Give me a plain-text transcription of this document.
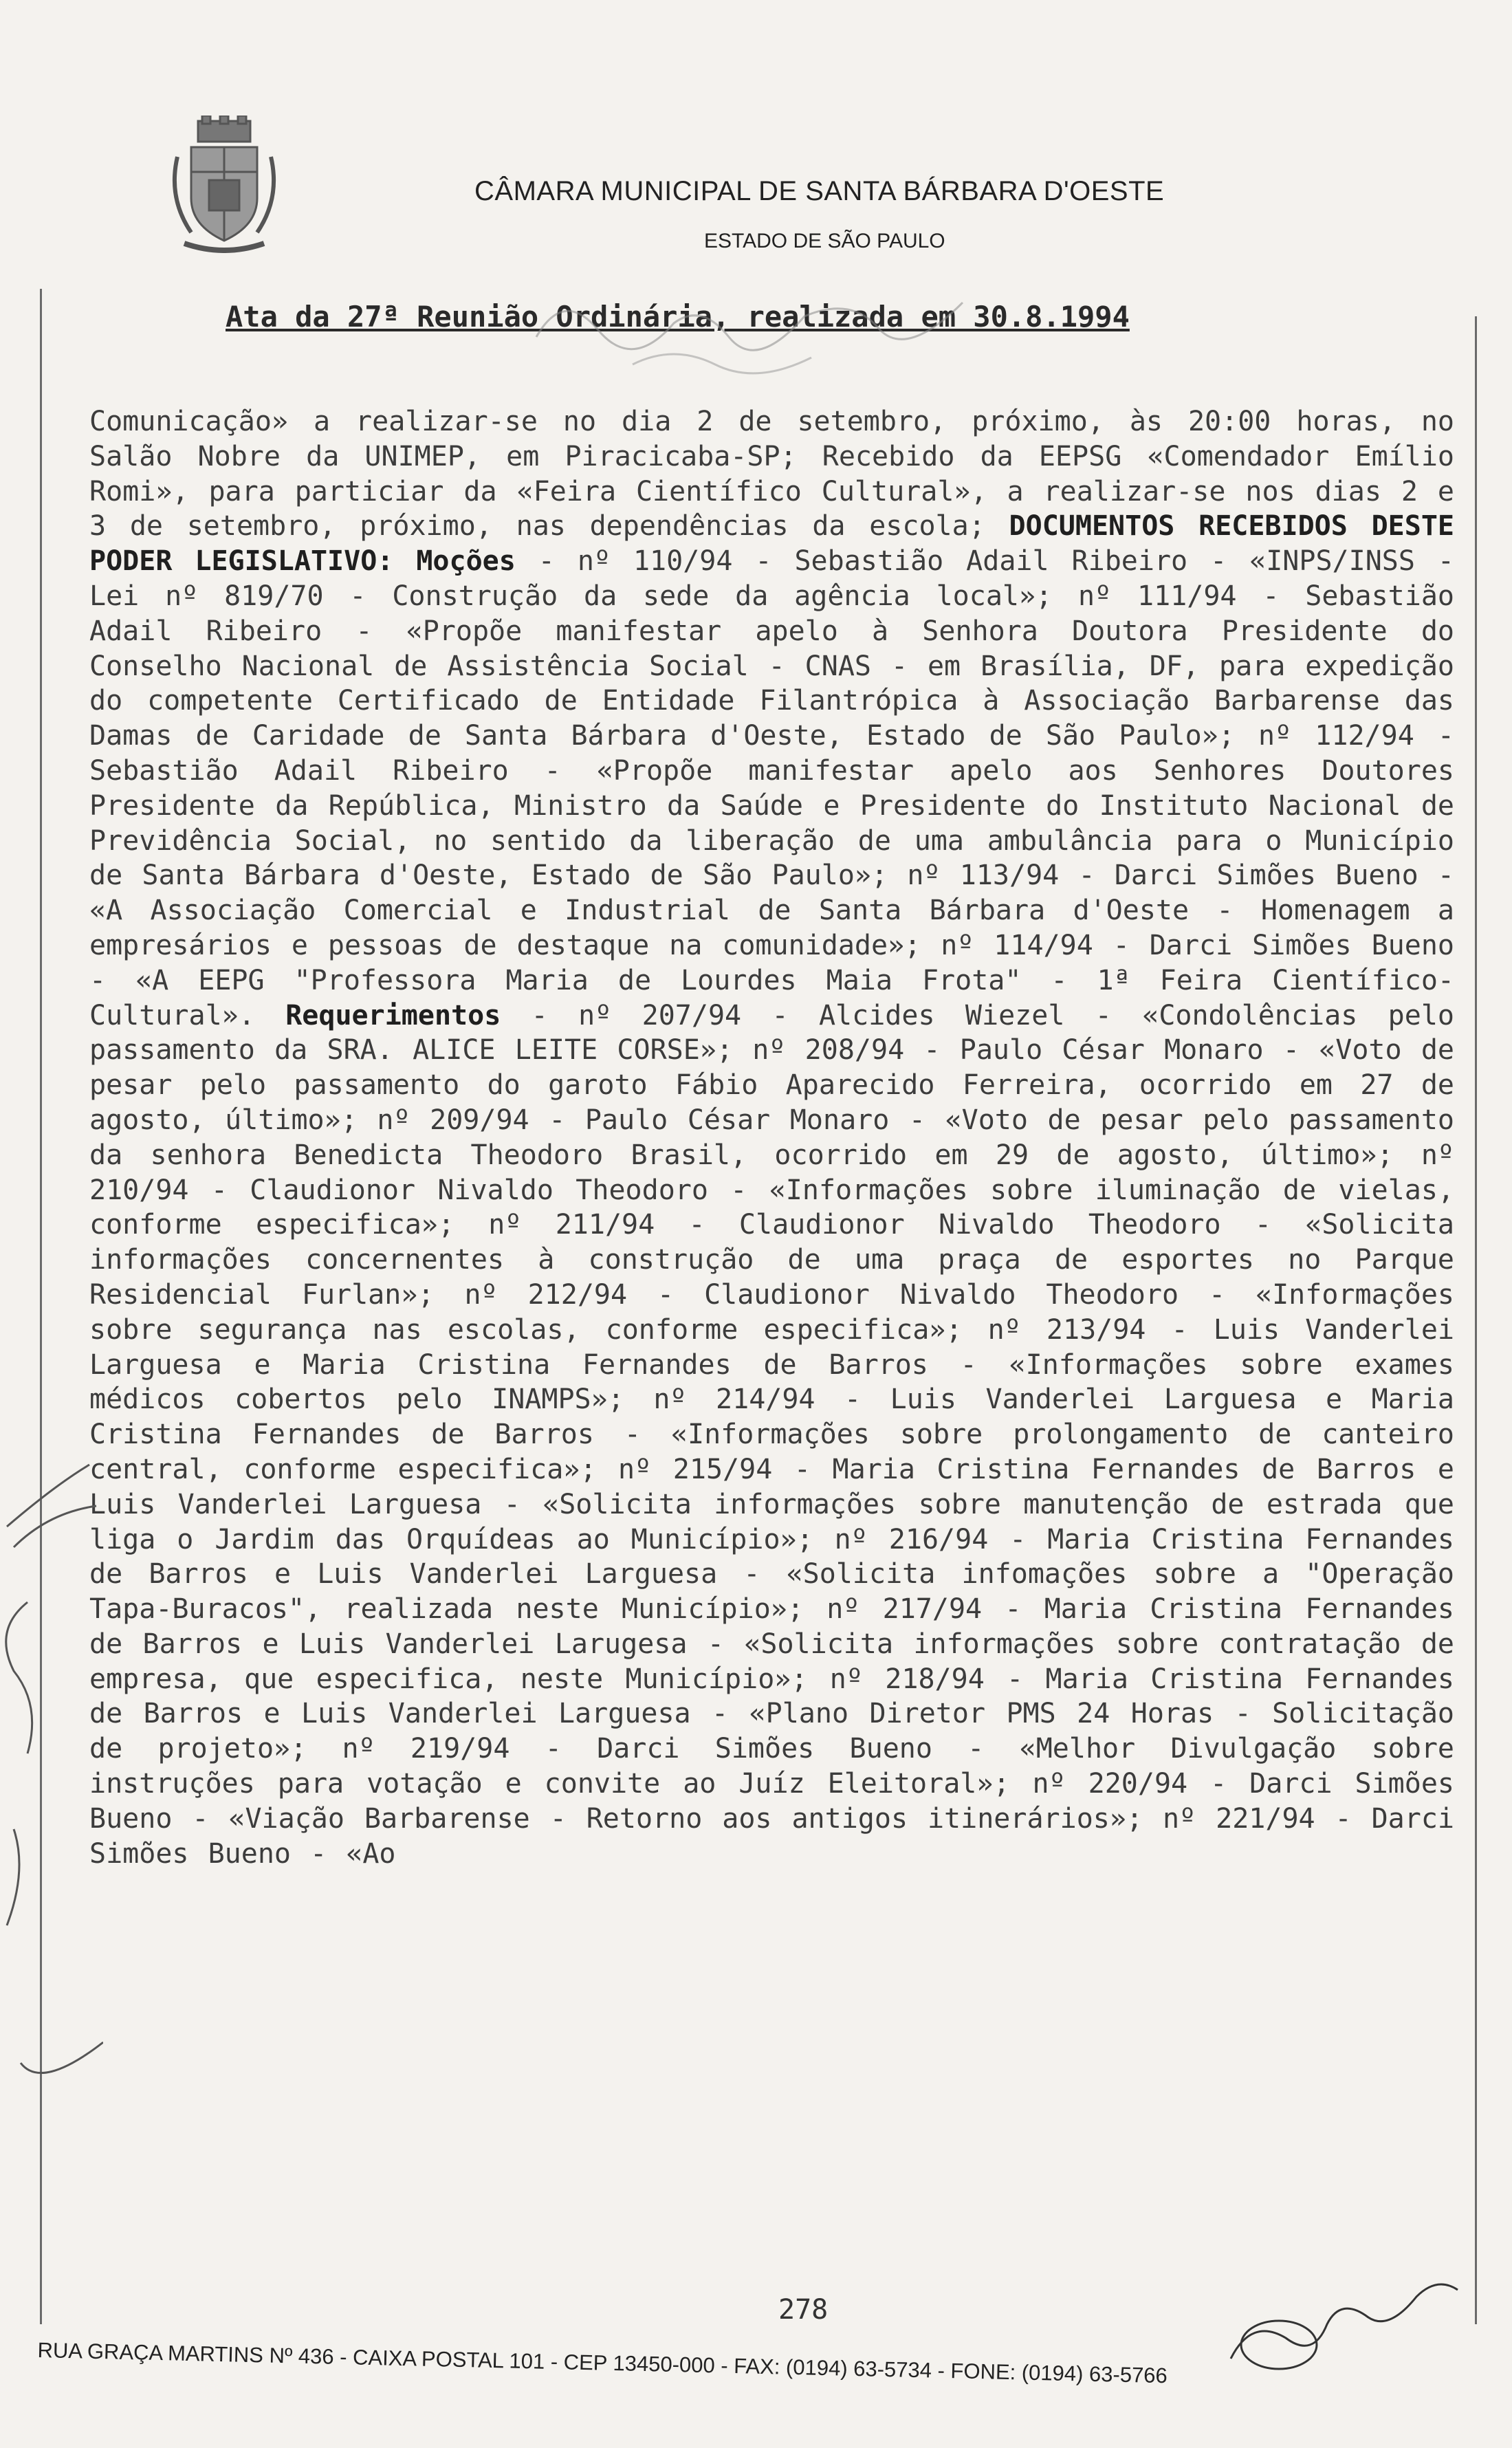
CÂMARA MUNICIPAL DE SANTA BÁRBARA D'OESTE
ESTADO DE SÃO PAULO
Ata da 27ª Reunião Ordinária, realizada em 30.8.1994
Comunicação» a realizar-se no dia 2 de setembro, próximo, às 20:00 horas, no Salão Nobre da UNIMEP, em Piracicaba-SP; Recebido da EEPSG «Comendador Emílio Romi», para particiar da «Feira Científico Cultural», a realizar-se nos dias 2 e 3 de setembro, próximo, nas dependências da escola; DOCUMENTOS RECEBIDOS DESTE PODER LEGISLATIVO: Moções - nº 110/94 - Sebastião Adail Ribeiro - «INPS/INSS - Lei nº 819/70 - Construção da sede da agência local»; nº 111/94 - Sebastião Adail Ribeiro - «Propõe manifestar apelo à Senhora Doutora Presidente do Conselho Nacional de Assistência Social - CNAS - em Brasília, DF, para expedição do competente Certificado de Entidade Filantrópica à Associação Barbarense das Damas de Caridade de Santa Bárbara d'Oeste, Estado de São Paulo»; nº 112/94 - Sebastião Adail Ribeiro - «Propõe manifestar apelo aos Senhores Doutores Presidente da República, Ministro da Saúde e Presidente do Instituto Nacional de Previdência Social, no sentido da liberação de uma ambulância para o Município de Santa Bárbara d'Oeste, Estado de São Paulo»; nº 113/94 - Darci Simões Bueno - «A Associação Comercial e Industrial de Santa Bárbara d'Oeste - Homenagem a empresários e pessoas de destaque na comunidade»; nº 114/94 - Darci Simões Bueno - «A EEPG "Professora Maria de Lourdes Maia Frota" - 1ª Feira Científico-Cultural». Requerimentos - nº 207/94 - Alcides Wiezel - «Condolências pelo passamento da SRA. ALICE LEITE CORSE»; nº 208/94 - Paulo César Monaro - «Voto de pesar pelo passamento do garoto Fábio Aparecido Ferreira, ocorrido em 27 de agosto, último»; nº 209/94 - Paulo César Monaro - «Voto de pesar pelo passamento da senhora Benedicta Theodoro Brasil, ocorrido em 29 de agosto, último»; nº 210/94 - Claudionor Nivaldo Theodoro - «Informações sobre iluminação de vielas, conforme especifica»; nº 211/94 - Claudionor Nivaldo Theodoro - «Solicita informações concernentes à construção de uma praça de esportes no Parque Residencial Furlan»; nº 212/94 - Claudionor Nivaldo Theodoro - «Informações sobre segurança nas escolas, conforme especifica»; nº 213/94 - Luis Vanderlei Larguesa e Maria Cristina Fernandes de Barros - «Informações sobre exames médicos cobertos pelo INAMPS»; nº 214/94 - Luis Vanderlei Larguesa e Maria Cristina Fernandes de Barros - «Informações sobre prolongamento de canteiro central, conforme especifica»; nº 215/94 - Maria Cristina Fernandes de Barros e Luis Vanderlei Larguesa - «Solicita informações sobre manutenção de estrada que liga o Jardim das Orquídeas ao Município»; nº 216/94 - Maria Cristina Fernandes de Barros e Luis Vanderlei Larguesa - «Solicita infomações sobre a "Operação Tapa-Buracos", realizada neste Município»; nº 217/94 - Maria Cristina Fernandes de Barros e Luis Vanderlei Larugesa - «Solicita informações sobre contratação de empresa, que especifica, neste Município»; nº 218/94 - Maria Cristina Fernandes de Barros e Luis Vanderlei Larguesa - «Plano Diretor PMS 24 Horas - Solicitação de projeto»; nº 219/94 - Darci Simões Bueno - «Melhor Divulgação sobre instruções para votação e convite ao Juíz Eleitoral»; nº 220/94 - Darci Simões Bueno - «Viação Barbarense - Retorno aos antigos itinerários»; nº 221/94 - Darci Simões Bueno - «Ao
278
RUA GRAÇA MARTINS Nº 436 - CAIXA POSTAL 101 - CEP 13450-000 - FAX: (0194) 63-5734 - FONE: (0194) 63-5766
